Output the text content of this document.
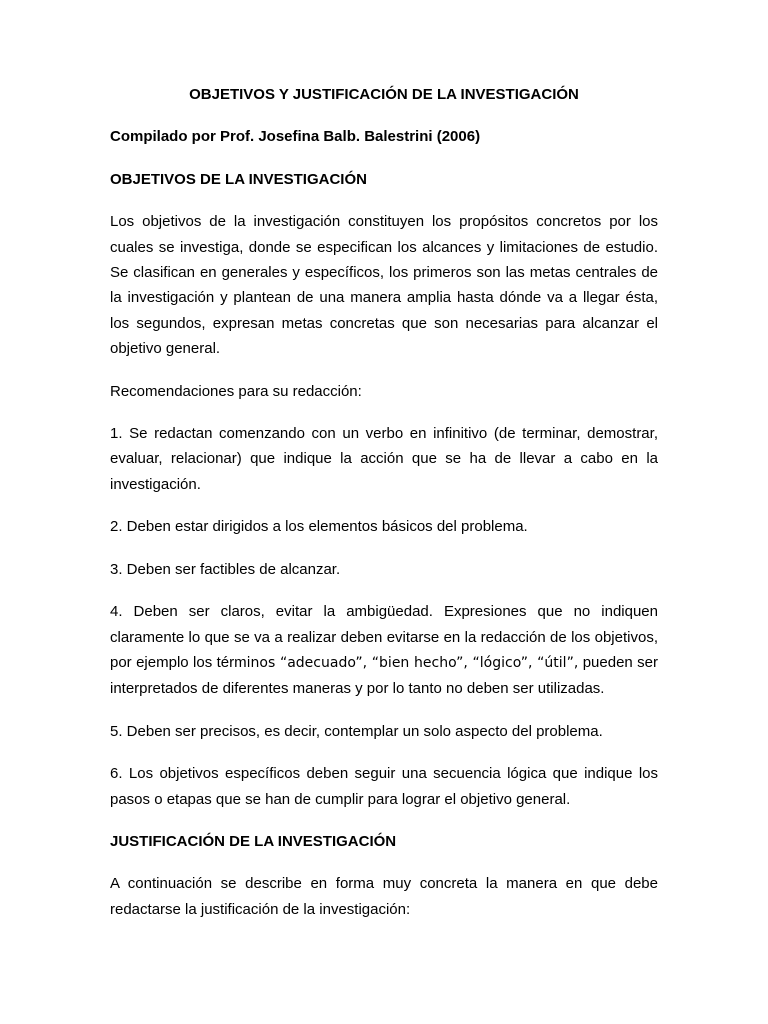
OBJETIVOS Y JUSTIFICACIÓN DE LA INVESTIGACIÓN
Compilado por Prof. Josefina Balb. Balestrini (2006)
OBJETIVOS DE LA INVESTIGACIÓN

Los objetivos de la investigación constituyen los propósitos concretos por los cuales se investiga, donde se especifican los alcances y limitaciones de estudio. Se clasifican en generales y específicos, los primeros son las metas centrales de la investigación y plantean de una manera amplia hasta dónde va a llegar ésta, los segundos, expresan metas concretas que son necesarias para alcanzar el objetivo general.

Recomendaciones para su redacción:

1. Se redactan comenzando con un verbo en infinitivo (de terminar, demostrar, evaluar, relacionar) que indique la acción que se ha de llevar a cabo en la investigación.

2. Deben estar dirigidos a los elementos básicos del problema.

3. Deben ser factibles de alcanzar.

4. Deben ser claros, evitar la ambigüedad. Expresiones que no indiquen claramente lo que se va a realizar deben evitarse en la redacción de los objetivos, por ejemplo los términos “adecuado”, “bien hecho”, “lógico”, “útil”, pueden ser interpretados de diferentes maneras y por lo tanto no deben ser utilizadas.

5. Deben ser precisos, es decir, contemplar un solo aspecto del problema.

6. Los objetivos específicos deben seguir una secuencia lógica que indique los pasos o etapas que se han de cumplir para lograr el objetivo general.

JUSTIFICACIÓN DE LA INVESTIGACIÓN

A continuación se describe en forma muy concreta la manera en que debe redactarse la justificación de la investigación:
